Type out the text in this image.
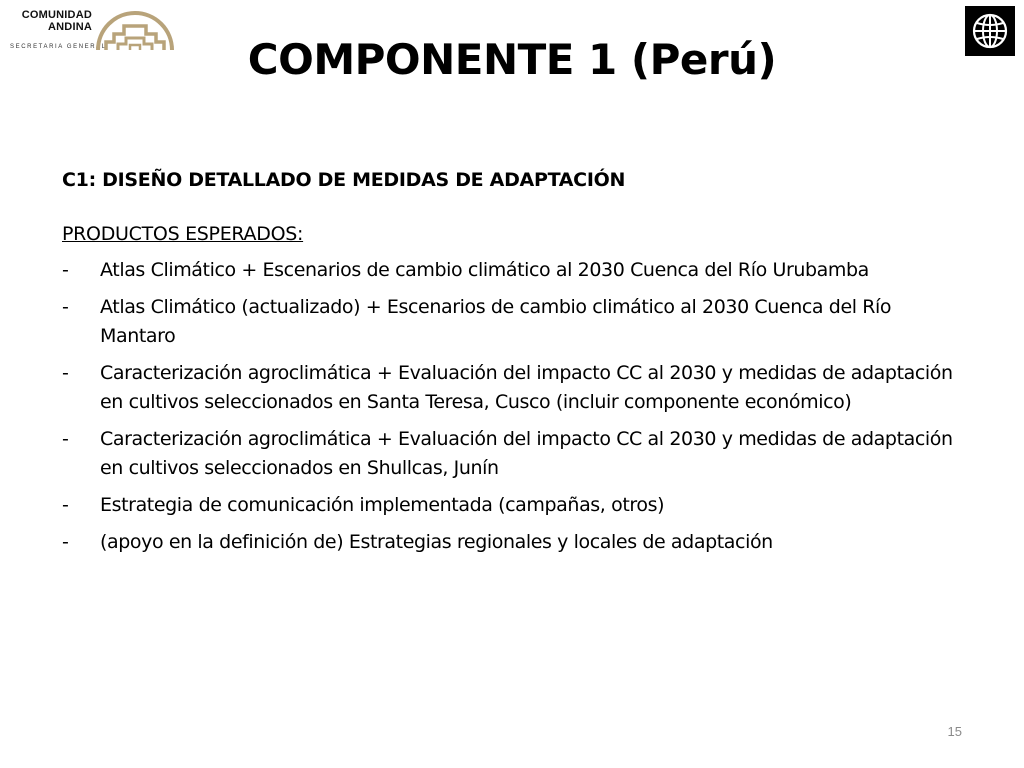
COMUNIDAD
ANDINA
SECRETARIA GENERAL	COMPONENTE 1 (Perú)
C1: DISEÑO DETALLADO DE MEDIDAS DE ADAPTACIÓN
PRODUCTOS ESPERADOS:
- Atlas Climático + Escenarios de cambio climático al 2030 Cuenca del Río Urubamba
- Atlas Climático (actualizado) + Escenarios de cambio climático al 2030 Cuenca del Río Mantaro
- Caracterización agroclimática + Evaluación del impacto CC al 2030 y medidas de adaptación en cultivos seleccionados en Santa Teresa, Cusco (incluir componente económico)
- Caracterización agroclimática + Evaluación del impacto CC al 2030 y medidas de adaptación en cultivos seleccionados en Shullcas, Junín
- Estrategia de comunicación implementada (campañas, otros)
- (apoyo en la definición de) Estrategias regionales y locales de adaptación
15
